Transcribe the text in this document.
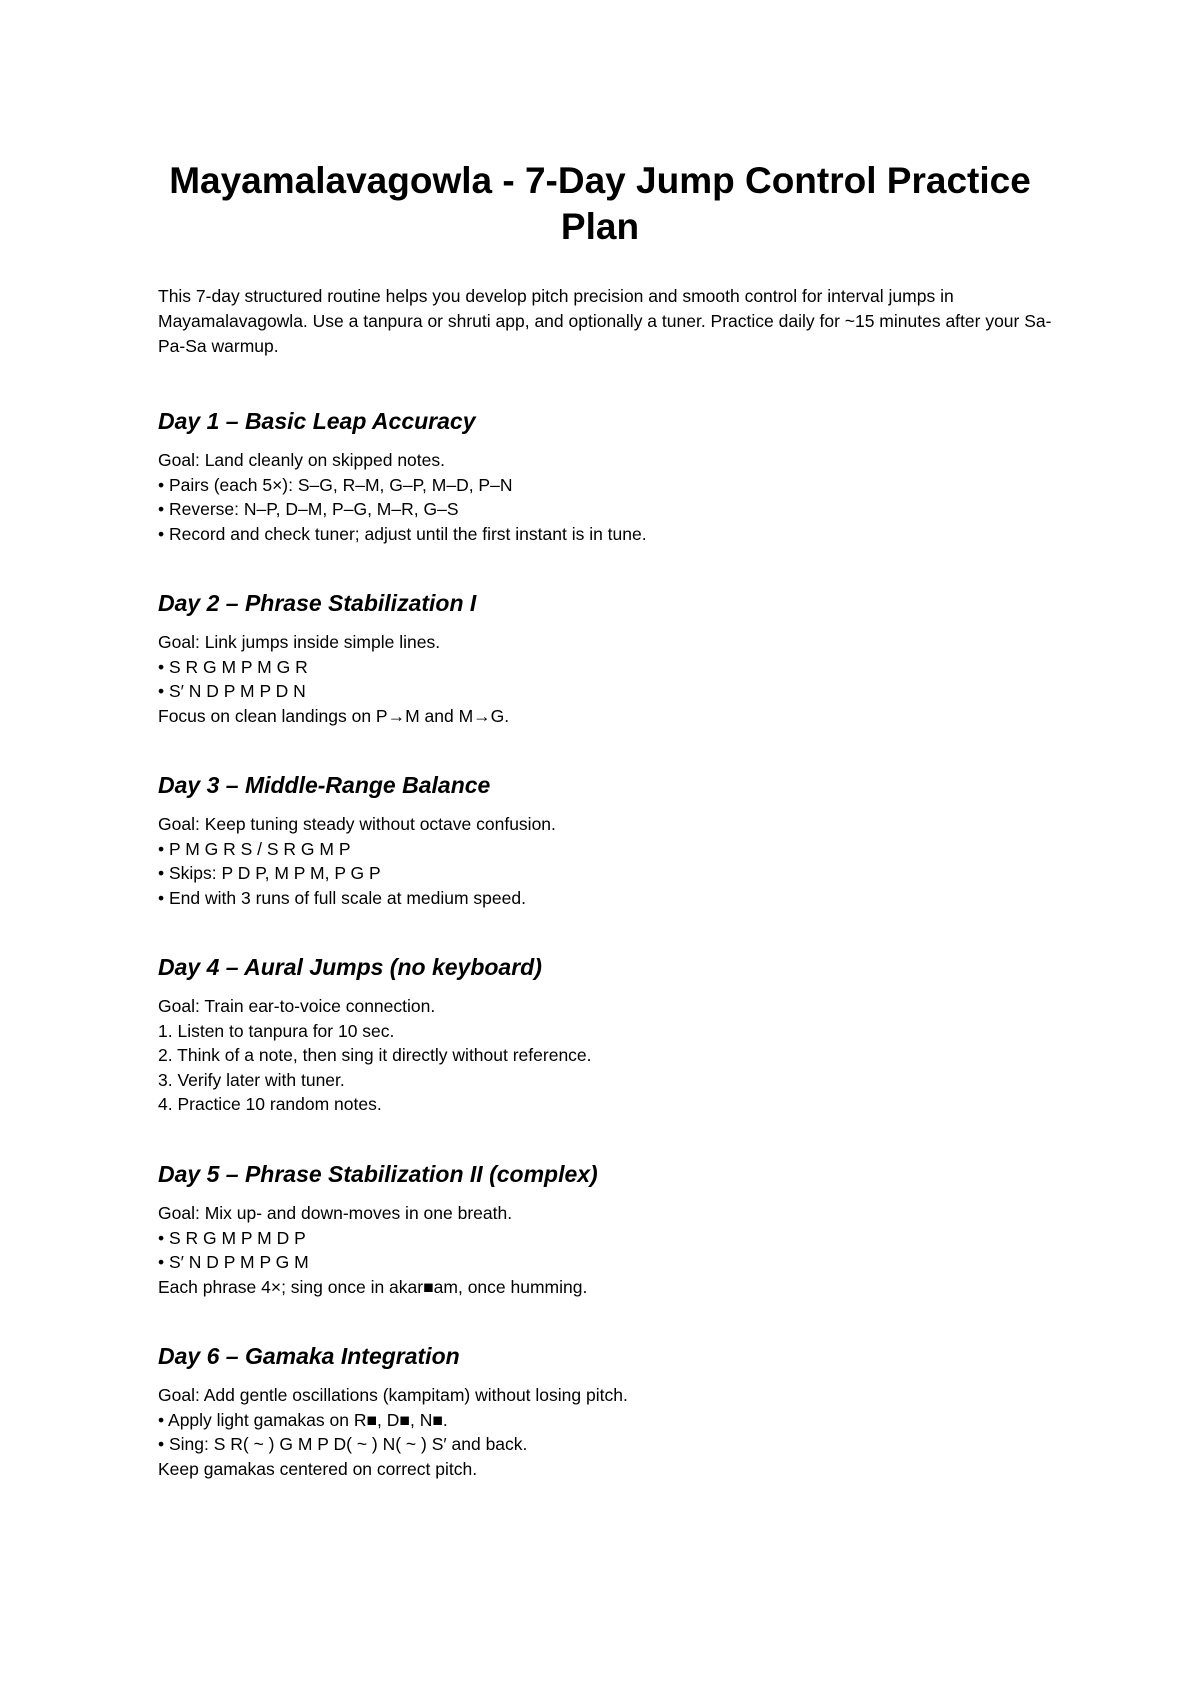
Mayamalavagowla - 7-Day Jump Control Practice Plan

This 7-day structured routine helps you develop pitch precision and smooth control for interval jumps in Mayamalavagowla. Use a tanpura or shruti app, and optionally a tuner. Practice daily for ~15 minutes after your Sa-Pa-Sa warmup.

Day 1 – Basic Leap Accuracy
Goal: Land cleanly on skipped notes.
• Pairs (each 5×): S–G, R–M, G–P, M–D, P–N
• Reverse: N–P, D–M, P–G, M–R, G–S
• Record and check tuner; adjust until the first instant is in tune.
Day 2 – Phrase Stabilization I
Goal: Link jumps inside simple lines.
• S R G M P M G R
• S′ N D P M P D N
Focus on clean landings on P→M and M→G.
Day 3 – Middle-Range Balance
Goal: Keep tuning steady without octave confusion.
• P M G R S / S R G M P
• Skips: P D P, M P M, P G P
• End with 3 runs of full scale at medium speed.
Day 4 – Aural Jumps (no keyboard)
Goal: Train ear-to-voice connection.
1. Listen to tanpura for 10 sec.
2. Think of a note, then sing it directly without reference.
3. Verify later with tuner.
4. Practice 10 random notes.
Day 5 – Phrase Stabilization II (complex)
Goal: Mix up- and down-moves in one breath.
• S R G M P M D P
• S′ N D P M P G M
Each phrase 4×; sing once in akar■am, once humming.
Day 6 – Gamaka Integration
Goal: Add gentle oscillations (kampitam) without losing pitch.
• Apply light gamakas on R■, D■, N■.
• Sing: S R( ~ ) G M P D( ~ ) N( ~ ) S′ and back.
Keep gamakas centered on correct pitch.
